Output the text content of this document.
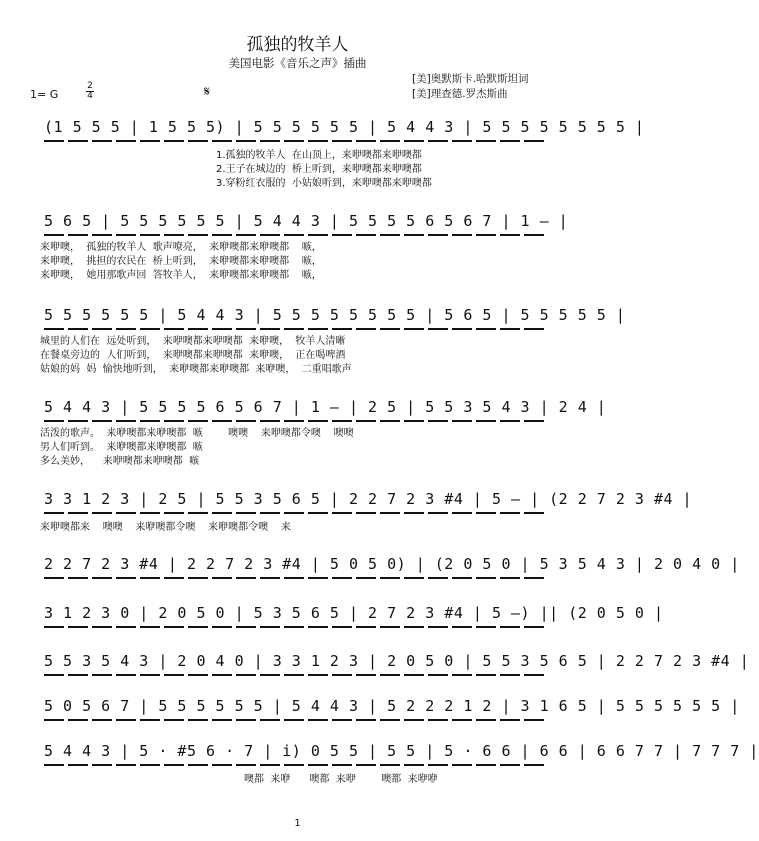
孤独的牧羊人
美国电影《音乐之声》插曲
[美]奥默斯卡.哈默斯坦词
[美]理查德.罗杰斯曲
1= G
2
4	𝄋
(1 5 5 5 | 1 5 5 5) | 5 5 5 5 5 5 | 5 4 4 3 | 5 5 5 5 5 5 5 5 |
1.孤独的牧羊人  在山顶上，来咿噢都来咿噢都
2.王子在城边的  桥上听到，来咿噢都来咿噢都
3.穿粉红衣服的  小姑娘听到，来咿噢都来咿噢都
5 6 5 | 5 5 5 5 5 5 | 5 4 4 3 | 5 5 5 5 6 5 6 7 | 1 — |
来咿噢，  孤独的牧羊人  歌声嘹亮，  来咿噢都来咿噢都    嗾，
来咿噢，  挑担的农民在  桥上听到，  来咿噢都来咿噢都    嗾，
来咿噢，  她用那歌声回  答牧羊人，  来咿噢都来咿噢都    嗾，
5 5 5 5 5 5 | 5 4 4 3 | 5 5 5 5 5 5 5 5 | 5 6 5 | 5 5 5 5 5 |
城里的人们在  远处听到，  来咿噢都来咿噢都  来咿噢，  牧羊人清晰
在餐桌旁边的  人们听到，  来咿噢都来咿噢都  来咿噢，  正在喝啤酒
姑娘的妈  妈  愉快地听到，  来咿噢都来咿噢都  来咿噢，  二重唱歌声
5 4 4 3 | 5 5 5 5 6 5 6 7 | 1 — | 2 5 | 5 5 3 5 4 3 | 2 4 |
活泼的歌声。  来咿噢都来咿噢都  嗾        噢噢    来咿噢都令噢    噢噢
男人们听到。  来咿噢都来咿噢都  嗾
多么美妙，    来咿噢都来咿噢都  嗾
3 3 1 2 3 | 2 5 | 5 5 3 5 6 5 | 2 2 7 2 3 #4 | 5 — | (2 2 7 2 3 #4 |
来咿噢都来    噢噢    来咿噢都令噢    来咿噢都令噢    来
2 2 7 2 3 #4 | 2 2 7 2 3 #4 | 5 0 5 0) | (2 0 5 0 | 5 3 5 4 3 | 2 0 4 0 |
3 1 2 3 0 | 2 0 5 0 | 5 3 5 6 5 | 2 7 2 3 #4 | 5 —) || (2 0 5 0 |
5 5 3 5 4 3 | 2 0 4 0 | 3 3 1 2 3 | 2 0 5 0 | 5 5 3 5 6 5 | 2 2 7 2 3 #4 |
5 0 5 6 7 | 5 5 5 5 5 5 | 5 4 4 3 | 5 2 2 2 1 2 | 3 1 6 5 | 5 5 5 5 5 5 |
5 4 4 3 | 5 · #5 6 · 7 | i) 0 5 5 | 5 5 | 5 · 6 6 | 6 6 | 6 6 7 7 | 7 7 7 |
噢都  来咿      噢都  来咿        噢都  来咿咿
1
